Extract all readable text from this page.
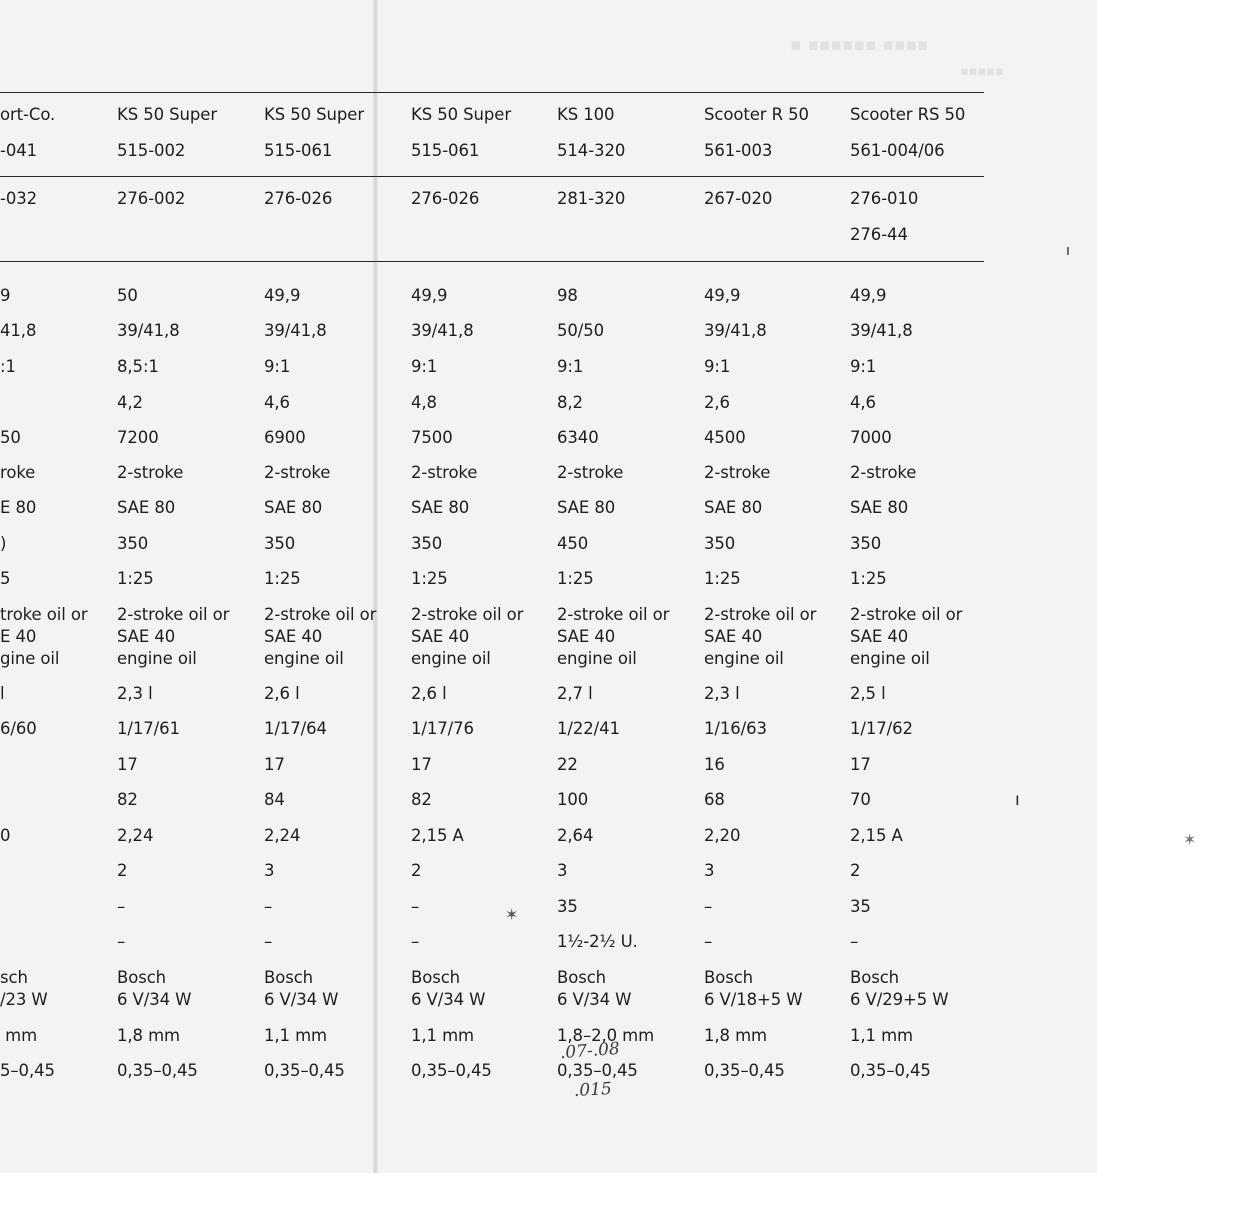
▪ ▪▪▪▪▪▪ ▪▪▪▪
▪▪▪▪▪
ort-Co.
-041
-032
9
41,8
:1
50
roke
E 80
)
5
troke oil or
E 40
gine oil
l
6/60
0
sch
/23 W
mm
5–0,45
KS 50 Super
515-002
276-002
50
39/41,8
8,5:1
4,2
7200
2-stroke
SAE 80
350
1:25
2-stroke oil or
SAE 40
engine oil
2,3 l
1/17/61
17
82
2,24
2
–
–
Bosch
6 V/34 W
1,8 mm
0,35–0,45
KS 50 Super
515-061
276-026
49,9
39/41,8
9:1
4,6
6900
2-stroke
SAE 80
350
1:25
2-stroke oil or
SAE 40
engine oil
2,6 l
1/17/64
17
84
2,24
3
–
–
Bosch
6 V/34 W
1,1 mm
0,35–0,45
KS 50 Super
515-061
276-026
49,9
39/41,8
9:1
4,8
7500
2-stroke
SAE 80
350
1:25
2-stroke oil or
SAE 40
engine oil
2,6 l
1/17/76
17
82
2,15 A
2
–
–
Bosch
6 V/34 W
1,1 mm
0,35–0,45
KS 100
514-320
281-320
98
50/50
9:1
8,2
6340
2-stroke
SAE 80
450
1:25
2-stroke oil or
SAE 40
engine oil
2,7 l
1/22/41
22
100
2,64
3
35
1½-2½ U.
Bosch
6 V/34 W
1,8–2,0 mm
0,35–0,45
Scooter R 50
561-003
267-020
49,9
39/41,8
9:1
2,6
4500
2-stroke
SAE 80
350
1:25
2-stroke oil or
SAE 40
engine oil
2,3 l
1/16/63
16
68
2,20
3
–
–
Bosch
6 V/18+5 W
1,8 mm
0,35–0,45
Scooter RS 50
561-004/06
276-010
276-44
49,9
39/41,8
9:1
4,6
7000
2-stroke
SAE 80
350
1:25
2-stroke oil or
SAE 40
engine oil
2,5 l
1/17/62
17
70
2,15 A
2
35
–
Bosch
6 V/29+5 W
1,1 mm
0,35–0,45
.07-.08
.015
ı
ı
✶
✶
